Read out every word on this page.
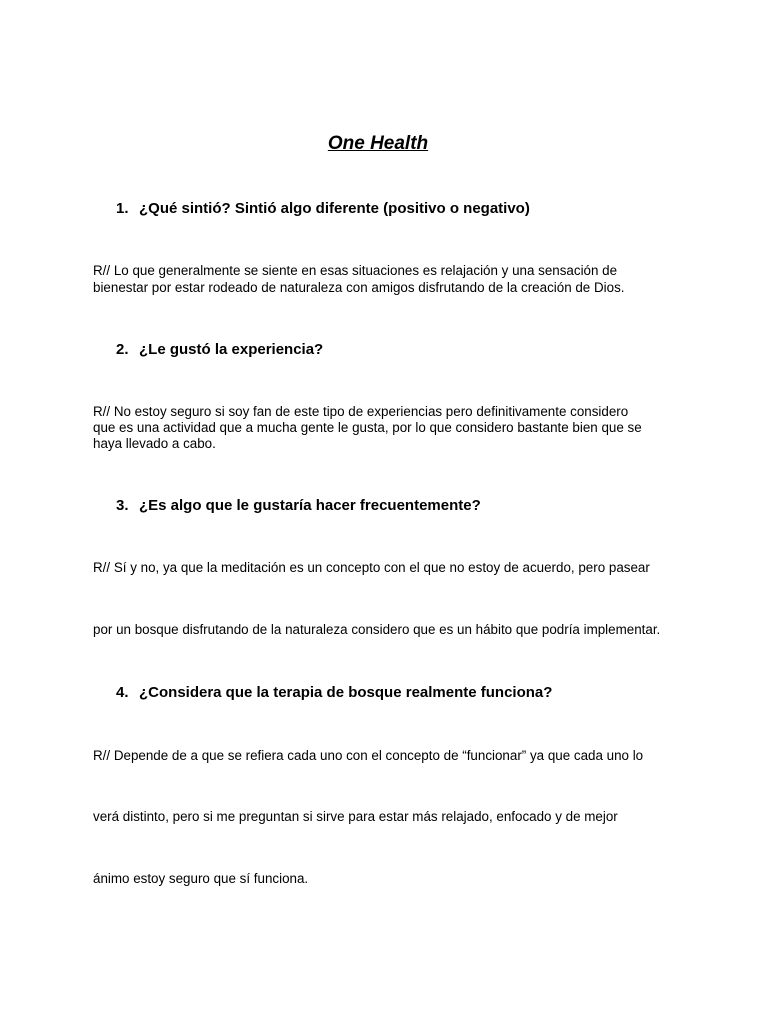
One Health
1. ¿Qué sintió? Sintió algo diferente (positivo o negativo)
R// Lo que generalmente se siente en esas situaciones es relajación y una sensación de
bienestar por estar rodeado de naturaleza con amigos disfrutando de la creación de Dios.
2. ¿Le gustó la experiencia?
R// No estoy seguro si soy fan de este tipo de experiencias pero definitivamente considero
que es una actividad que a mucha gente le gusta, por lo que considero bastante bien que se
haya llevado a cabo.
3. ¿Es algo que le gustaría hacer frecuentemente?
R// Sí y no, ya que la meditación es un concepto con el que no estoy de acuerdo, pero pasear
por un bosque disfrutando de la naturaleza considero que es un hábito que podría implementar.
4. ¿Considera que la terapia de bosque realmente funciona?
R// Depende de a que se refiera cada uno con el concepto de “funcionar” ya que cada uno lo
verá distinto, pero si me preguntan si sirve para estar más relajado, enfocado y de mejor
ánimo estoy seguro que sí funciona.
